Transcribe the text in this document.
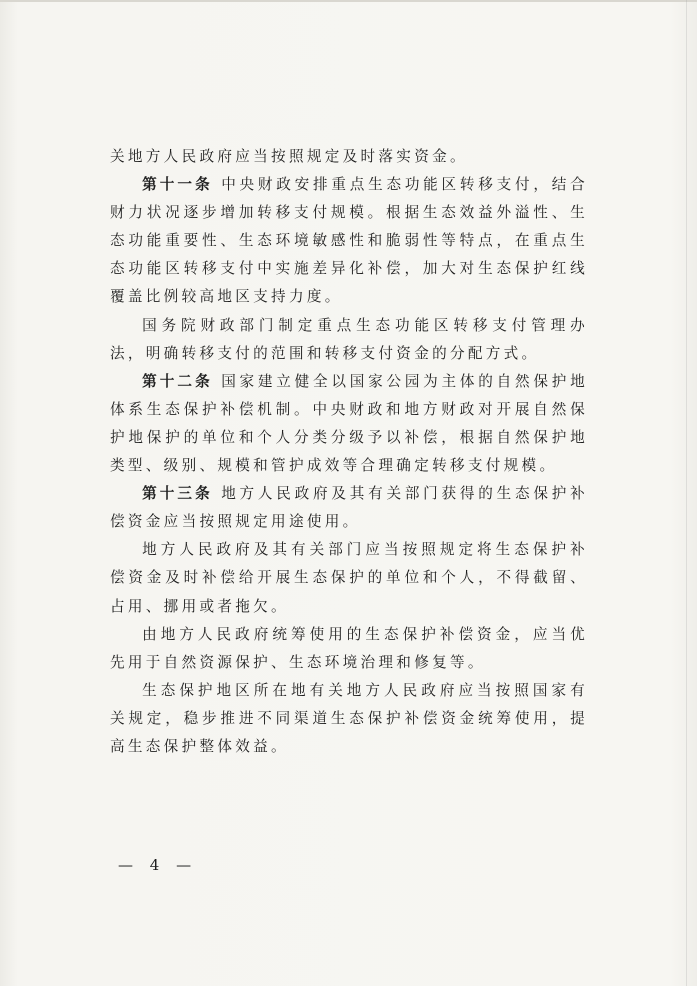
关地方人民政府应当按照规定及时落实资金。

第十一条 中央财政安排重点生态功能区转移支付，结合财力状况逐步增加转移支付规模。根据生态效益外溢性、生态功能重要性、生态环境敏感性和脆弱性等特点，在重点生态功能区转移支付中实施差异化补偿，加大对生态保护红线覆盖比例较高地区支持力度。

国务院财政部门制定重点生态功能区转移支付管理办法，明确转移支付的范围和转移支付资金的分配方式。

第十二条 国家建立健全以国家公园为主体的自然保护地体系生态保护补偿机制。中央财政和地方财政对开展自然保护地保护的单位和个人分类分级予以补偿，根据自然保护地类型、级别、规模和管护成效等合理确定转移支付规模。

第十三条 地方人民政府及其有关部门获得的生态保护补偿资金应当按照规定用途使用。

地方人民政府及其有关部门应当按照规定将生态保护补偿资金及时补偿给开展生态保护的单位和个人，不得截留、占用、挪用或者拖欠。

由地方人民政府统筹使用的生态保护补偿资金，应当优先用于自然资源保护、生态环境治理和修复等。

生态保护地区所在地有关地方人民政府应当按照国家有关规定，稳步推进不同渠道生态保护补偿资金统筹使用，提高生态保护整体效益。

— 4 —
